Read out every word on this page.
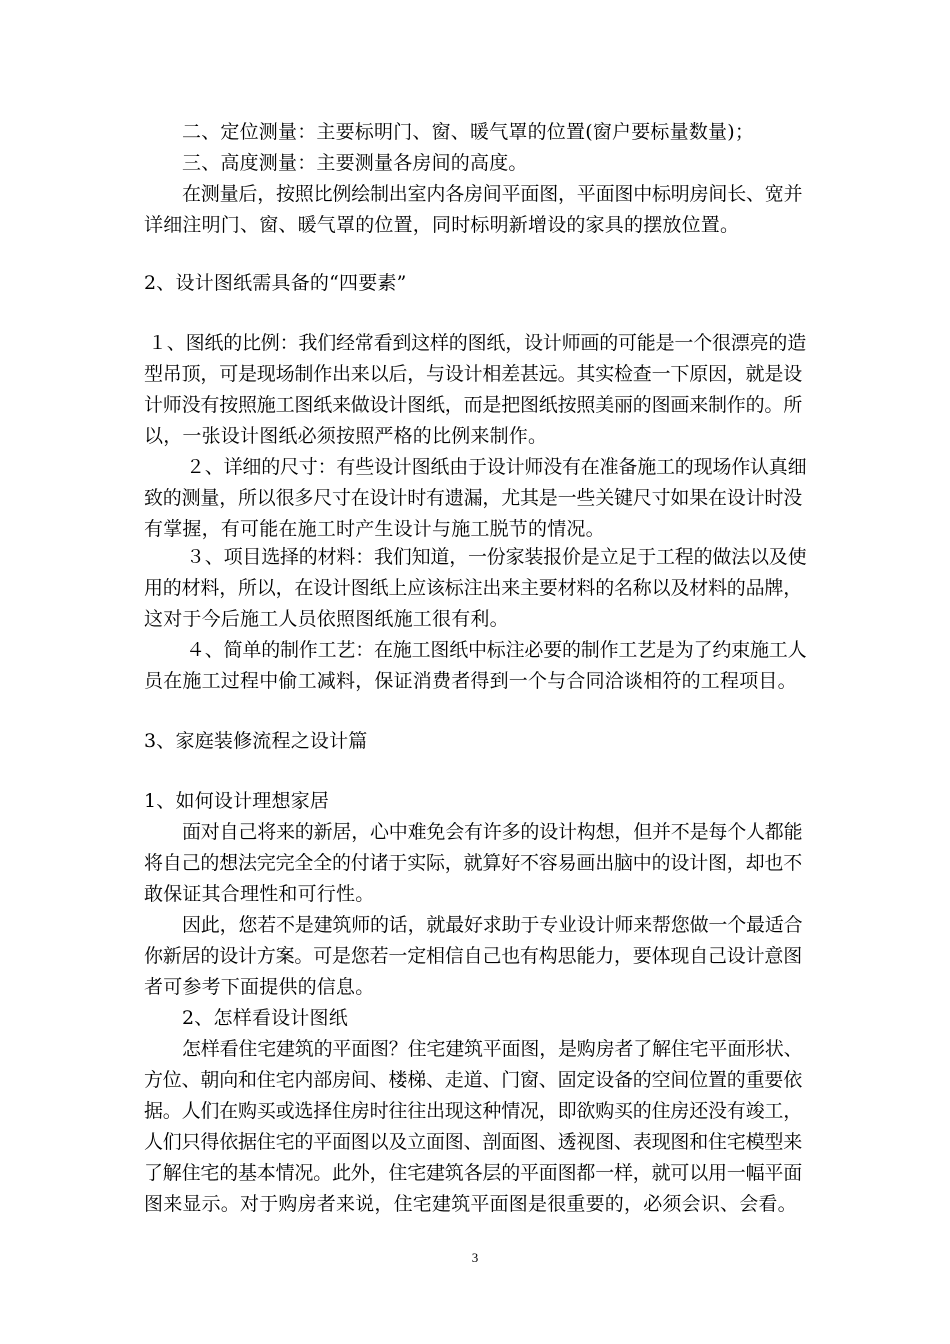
二、定位测量：主要标明门、窗、暖气罩的位置(窗户要标量数量)；
三、高度测量：主要测量各房间的高度。
在测量后，按照比例绘制出室内各房间平面图，平面图中标明房间长、宽并
详细注明门、窗、暖气罩的位置，同时标明新增设的家具的摆放位置。
2、设计图纸需具备的“四要素”
１、图纸的比例：我们经常看到这样的图纸，设计师画的可能是一个很漂亮的造
型吊顶，可是现场制作出来以后，与设计相差甚远。其实检查一下原因，就是设
计师没有按照施工图纸来做设计图纸，而是把图纸按照美丽的图画来制作的。所
以，一张设计图纸必须按照严格的比例来制作。
２、详细的尺寸：有些设计图纸由于设计师没有在准备施工的现场作认真细
致的测量，所以很多尺寸在设计时有遗漏，尤其是一些关键尺寸如果在设计时没
有掌握，有可能在施工时产生设计与施工脱节的情况。
３、项目选择的材料：我们知道，一份家装报价是立足于工程的做法以及使
用的材料，所以，在设计图纸上应该标注出来主要材料的名称以及材料的品牌，
这对于今后施工人员依照图纸施工很有利。
４、简单的制作工艺：在施工图纸中标注必要的制作工艺是为了约束施工人
员在施工过程中偷工减料，保证消费者得到一个与合同洽谈相符的工程项目。
3、家庭装修流程之设计篇
1、如何设计理想家居
面对自己将来的新居，心中难免会有许多的设计构想，但并不是每个人都能
将自己的想法完完全全的付诸于实际，就算好不容易画出脑中的设计图，却也不
敢保证其合理性和可行性。
因此，您若不是建筑师的话，就最好求助于专业设计师来帮您做一个最适合
你新居的设计方案。可是您若一定相信自己也有构思能力，要体现自己设计意图
者可参考下面提供的信息。
2、怎样看设计图纸
怎样看住宅建筑的平面图？住宅建筑平面图，是购房者了解住宅平面形状、
方位、朝向和住宅内部房间、楼梯、走道、门窗、固定设备的空间位置的重要依
据。人们在购买或选择住房时往往出现这种情况，即欲购买的住房还没有竣工，
人们只得依据住宅的平面图以及立面图、剖面图、透视图、表现图和住宅模型来
了解住宅的基本情况。此外，住宅建筑各层的平面图都一样，就可以用一幅平面
图来显示。对于购房者来说，住宅建筑平面图是很重要的，必须会识、会看。
3
